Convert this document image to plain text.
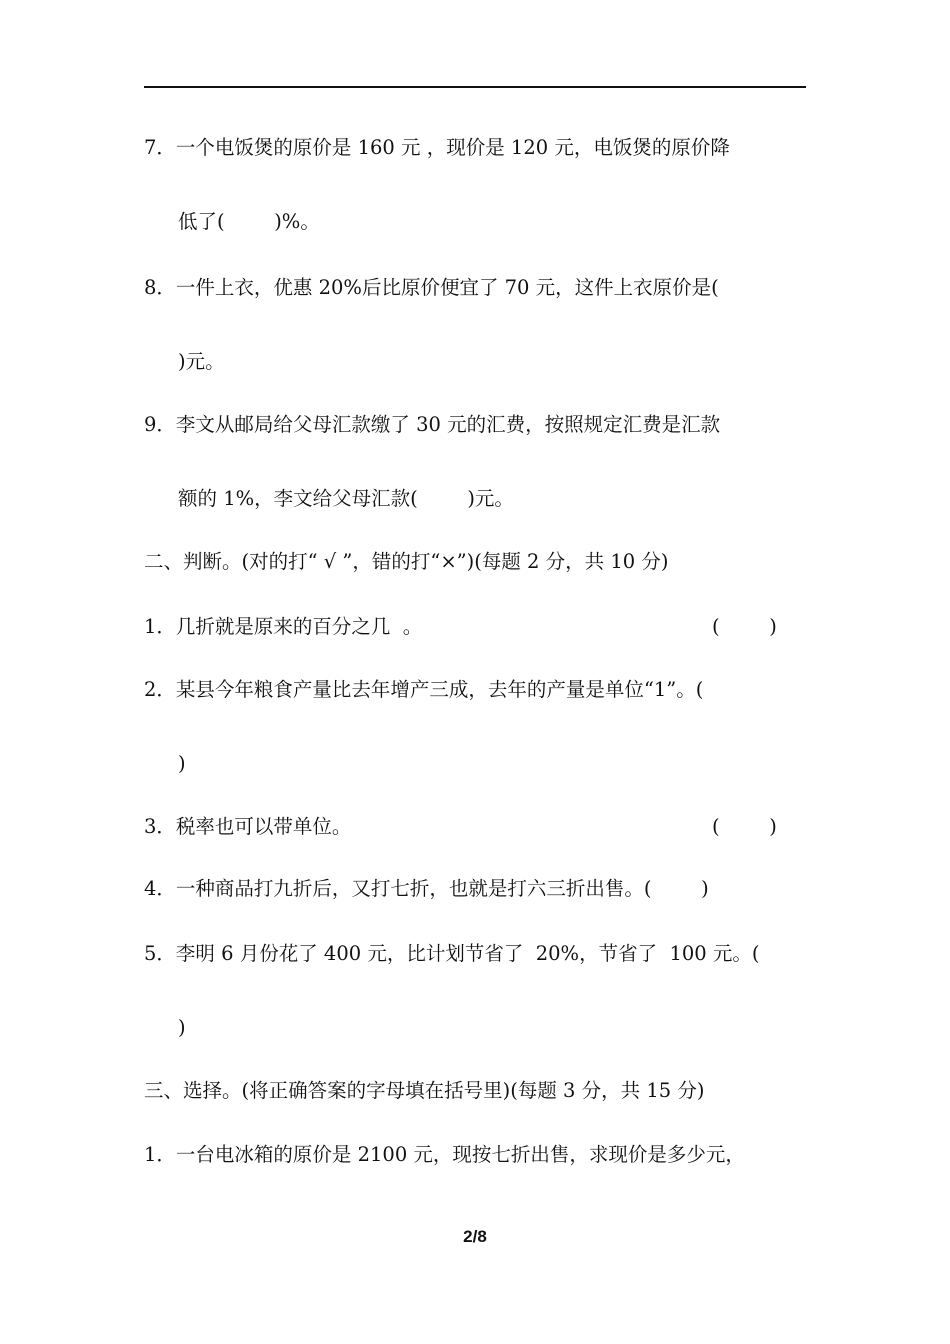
7．一个电饭煲的原价是 160 元 ，现价是 120 元，电饭煲的原价降
低了(        )%。
8．一件上衣，优惠 20%后比原价便宜了 70 元，这件上衣原价是(
)元。
9．李文从邮局给父母汇款缴了 30 元的汇费，按照规定汇费是汇款
额的 1%，李文给父母汇款(        )元。
二、判断。(对的打“ √ ”，错的打“×”)(每题 2 分，共 10 分)
1．几折就是原来的百分之几  。	(        )
2．某县今年粮食产量比去年增产三成，去年的产量是单位“1”。(
)
3．税率也可以带单位。	(        )
4．一种商品打九折后，又打七折，也就是打六三折出售。(        )
5．李明 6 月份花了 400 元，比计划节省了  20%，节省了  100 元。(
)
三、选择。(将正确答案的字母填在括号里)(每题 3 分，共 15 分)
1．一台电冰箱的原价是 2100 元，现按七折出售，求现价是多少元，
2/8
